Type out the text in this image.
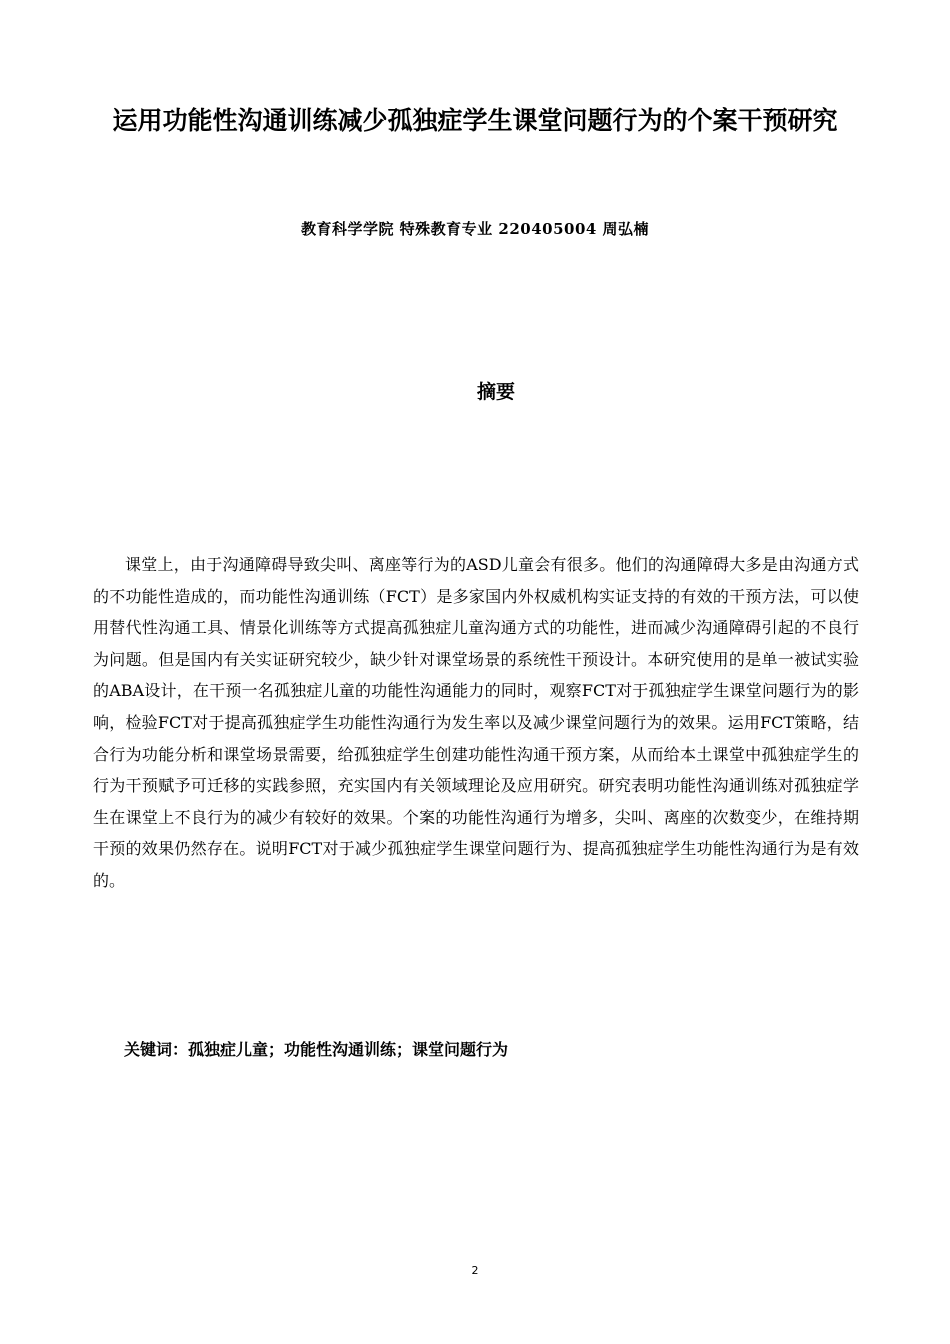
运用功能性沟通训练减少孤独症学生课堂问题行为的个案干预研究
教育科学学院 特殊教育专业 220405004 周弘楠
摘要

课堂上，由于沟通障碍导致尖叫、离座等行为的ASD儿童会有很多。他们的沟通障碍大多是由沟通方式的不功能性造成的，而功能性沟通训练（FCT）是多家国内外权威机构实证支持的有效的干预方法，可以使用替代性沟通工具、情景化训练等方式提高孤独症儿童沟通方式的功能性，进而减少沟通障碍引起的不良行为问题。但是国内有关实证研究较少，缺少针对课堂场景的系统性干预设计。本研究使用的是单一被试实验的ABA设计，在干预一名孤独症儿童的功能性沟通能力的同时，观察FCT对于孤独症学生课堂问题行为的影响，检验FCT对于提高孤独症学生功能性沟通行为发生率以及减少课堂问题行为的效果。运用FCT策略，结合行为功能分析和课堂场景需要，给孤独症学生创建功能性沟通干预方案，从而给本土课堂中孤独症学生的行为干预赋予可迁移的实践参照，充实国内有关领域理论及应用研究。研究表明功能性沟通训练对孤独症学生在课堂上不良行为的减少有较好的效果。个案的功能性沟通行为增多，尖叫、离座的次数变少，在维持期干预的效果仍然存在。说明FCT对于减少孤独症学生课堂问题行为、提高孤独症学生功能性沟通行为是有效的。

关键词：孤独症儿童；功能性沟通训练；课堂问题行为
2
